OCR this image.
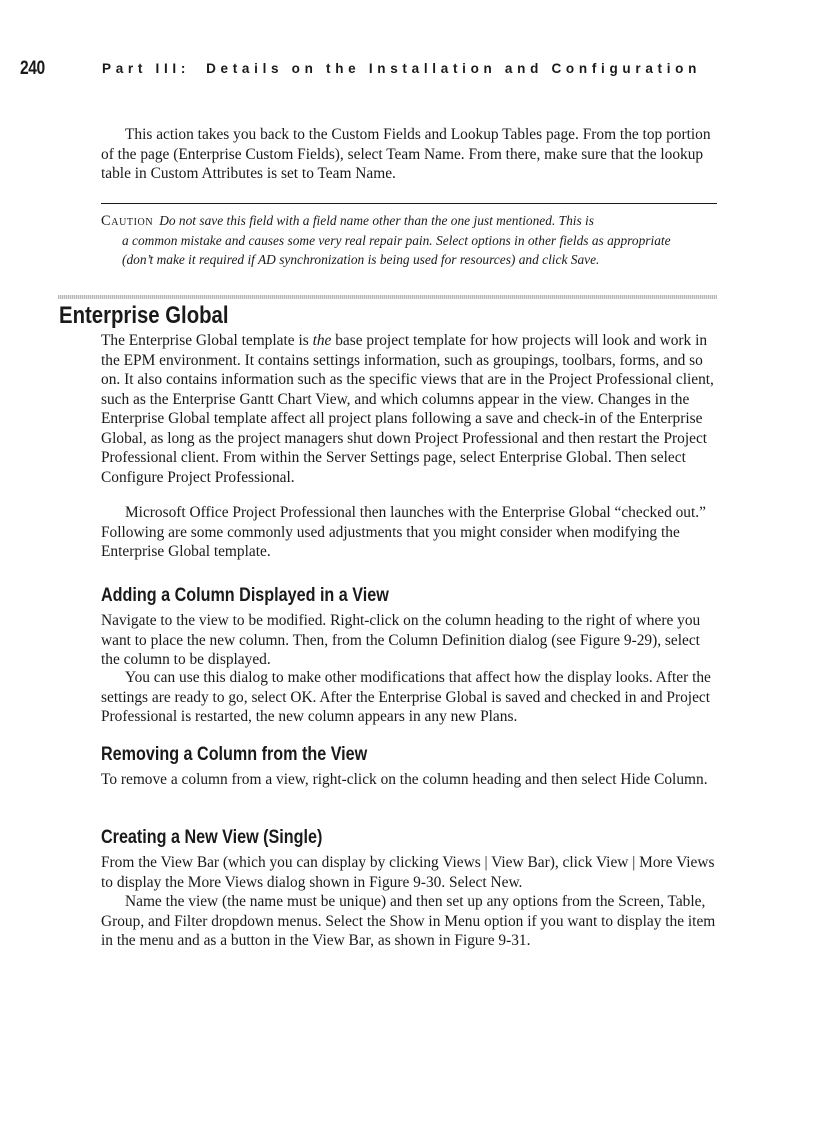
240	Part III: Details on the Installation and Configuration

This action takes you back to the Custom Fields and Lookup Tables page. From the top portion of the page (Enterprise Custom Fields), select Team Name. From there, make sure that the lookup table in Custom Attributes is set to Team Name.

Caution Do not save this field with a field name other than the one just mentioned. This is
a common mistake and causes some very real repair pain. Select options in other fields as appropriate
(don’t make it required if AD synchronization is being used for resources) and click Save.
Enterprise Global

The Enterprise Global template is the base project template for how projects will look and work in the EPM environment. It contains settings information, such as groupings, toolbars, forms, and so on. It also contains information such as the specific views that are in the Project Professional client, such as the Enterprise Gantt Chart View, and which columns appear in the view. Changes in the Enterprise Global template affect all project plans following a save and check-in of the Enterprise Global, as long as the project managers shut down Project Professional and then restart the Project Professional client. From within the Server Settings page, select Enterprise Global. Then select Configure Project Professional.

Microsoft Office Project Professional then launches with the Enterprise Global “checked out.” Following are some commonly used adjustments that you might consider when modifying the Enterprise Global template.

Adding a Column Displayed in a View

Navigate to the view to be modified. Right-click on the column heading to the right of where you want to place the new column. Then, from the Column Definition dialog (see Figure 9-29), select the column to be displayed.

You can use this dialog to make other modifications that affect how the display looks. After the settings are ready to go, select OK. After the Enterprise Global is saved and checked in and Project Professional is restarted, the new column appears in any new Plans.

Removing a Column from the View

To remove a column from a view, right-click on the column heading and then select Hide Column.

Creating a New View (Single)

From the View Bar (which you can display by clicking Views | View Bar), click View | More Views to display the More Views dialog shown in Figure 9-30. Select New.

Name the view (the name must be unique) and then set up any options from the Screen, Table, Group, and Filter dropdown menus. Select the Show in Menu option if you want to display the item in the menu and as a button in the View Bar, as shown in Figure 9-31.
